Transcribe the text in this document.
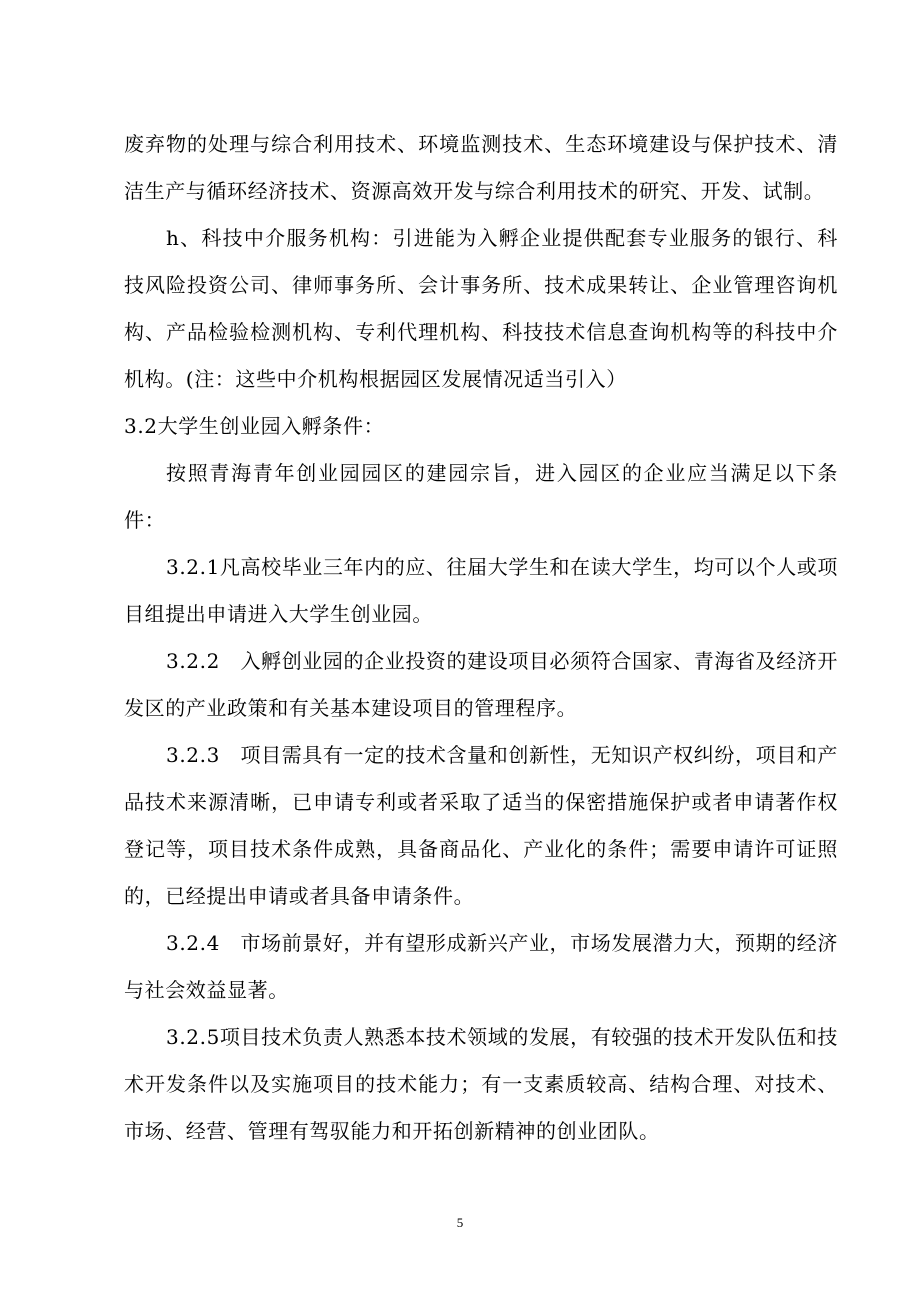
废弃物的处理与综合利用技术、环境监测技术、生态环境建设与保护技术、清洁生产与循环经济技术、资源高效开发与综合利用技术的研究、开发、试制。

h、科技中介服务机构：引进能为入孵企业提供配套专业服务的银行、科技风险投资公司、律师事务所、会计事务所、技术成果转让、企业管理咨询机构、产品检验检测机构、专利代理机构、科技技术信息查询机构等的科技中介机构。(注：这些中介机构根据园区发展情况适当引入）

3.2大学生创业园入孵条件：

按照青海青年创业园园区的建园宗旨，进入园区的企业应当满足以下条件：

3.2.1凡高校毕业三年内的应、往届大学生和在读大学生，均可以个人或项目组提出申请进入大学生创业园。

3.2.2　入孵创业园的企业投资的建设项目必须符合国家、青海省及经济开发区的产业政策和有关基本建设项目的管理程序。

3.2.3　项目需具有一定的技术含量和创新性，无知识产权纠纷，项目和产品技术来源清晰，已申请专利或者采取了适当的保密措施保护或者申请著作权登记等，项目技术条件成熟，具备商品化、产业化的条件；需要申请许可证照的，已经提出申请或者具备申请条件。

3.2.4　市场前景好，并有望形成新兴产业，市场发展潜力大，预期的经济与社会效益显著。

3.2.5项目技术负责人熟悉本技术领域的发展，有较强的技术开发队伍和技术开发条件以及实施项目的技术能力；有一支素质较高、结构合理、对技术、市场、经营、管理有驾驭能力和开拓创新精神的创业团队。

5
